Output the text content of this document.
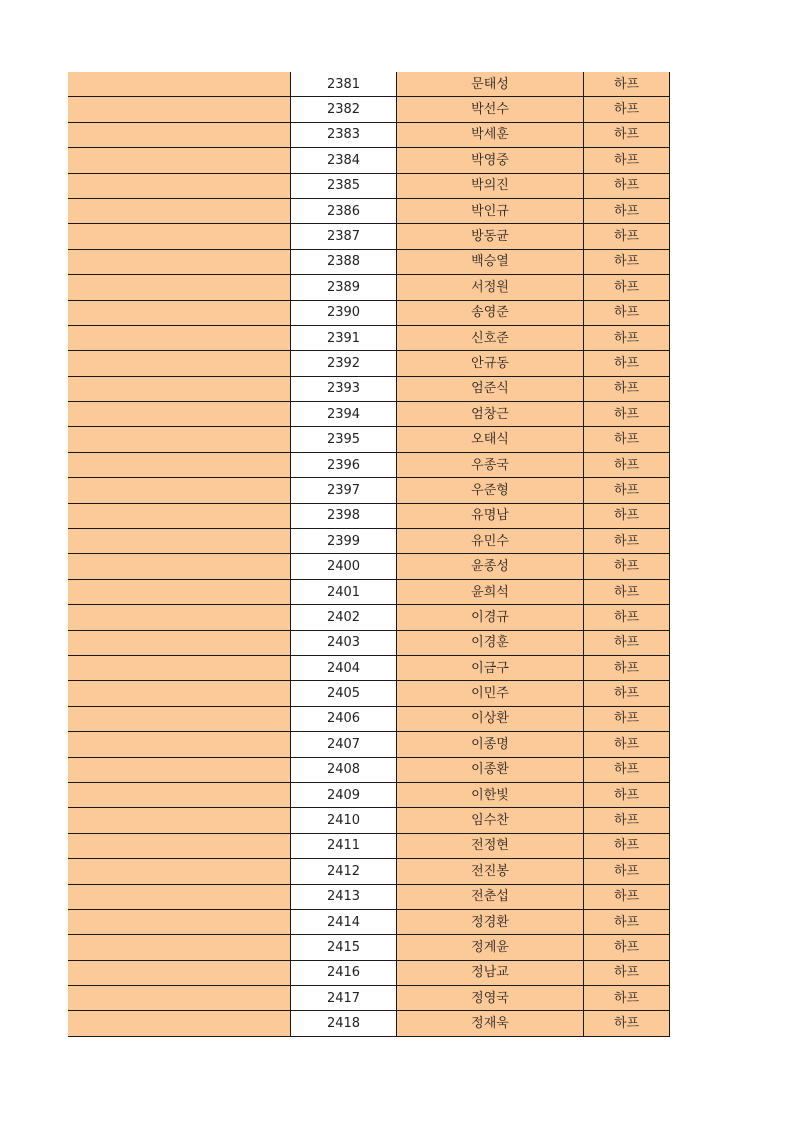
	2381	문태성	하프
	2382	박선수	하프
	2383	박세훈	하프
	2384	박영중	하프
	2385	박의진	하프
	2386	박인규	하프
	2387	방동균	하프
	2388	백승열	하프
	2389	서정원	하프
	2390	송영준	하프
	2391	신호준	하프
	2392	안규동	하프
	2393	엄준식	하프
	2394	엄창근	하프
	2395	오태식	하프
	2396	우종국	하프
	2397	우준형	하프
	2398	유명남	하프
	2399	유민수	하프
	2400	윤종성	하프
	2401	윤희석	하프
	2402	이경규	하프
	2403	이경훈	하프
	2404	이금구	하프
	2405	이민주	하프
	2406	이상환	하프
	2407	이종명	하프
	2408	이종환	하프
	2409	이한빛	하프
	2410	임수찬	하프
	2411	전정현	하프
	2412	전진봉	하프
	2413	전춘섭	하프
	2414	정경환	하프
	2415	정계윤	하프
	2416	정남교	하프
	2417	정영국	하프
	2418	정재욱	하프
